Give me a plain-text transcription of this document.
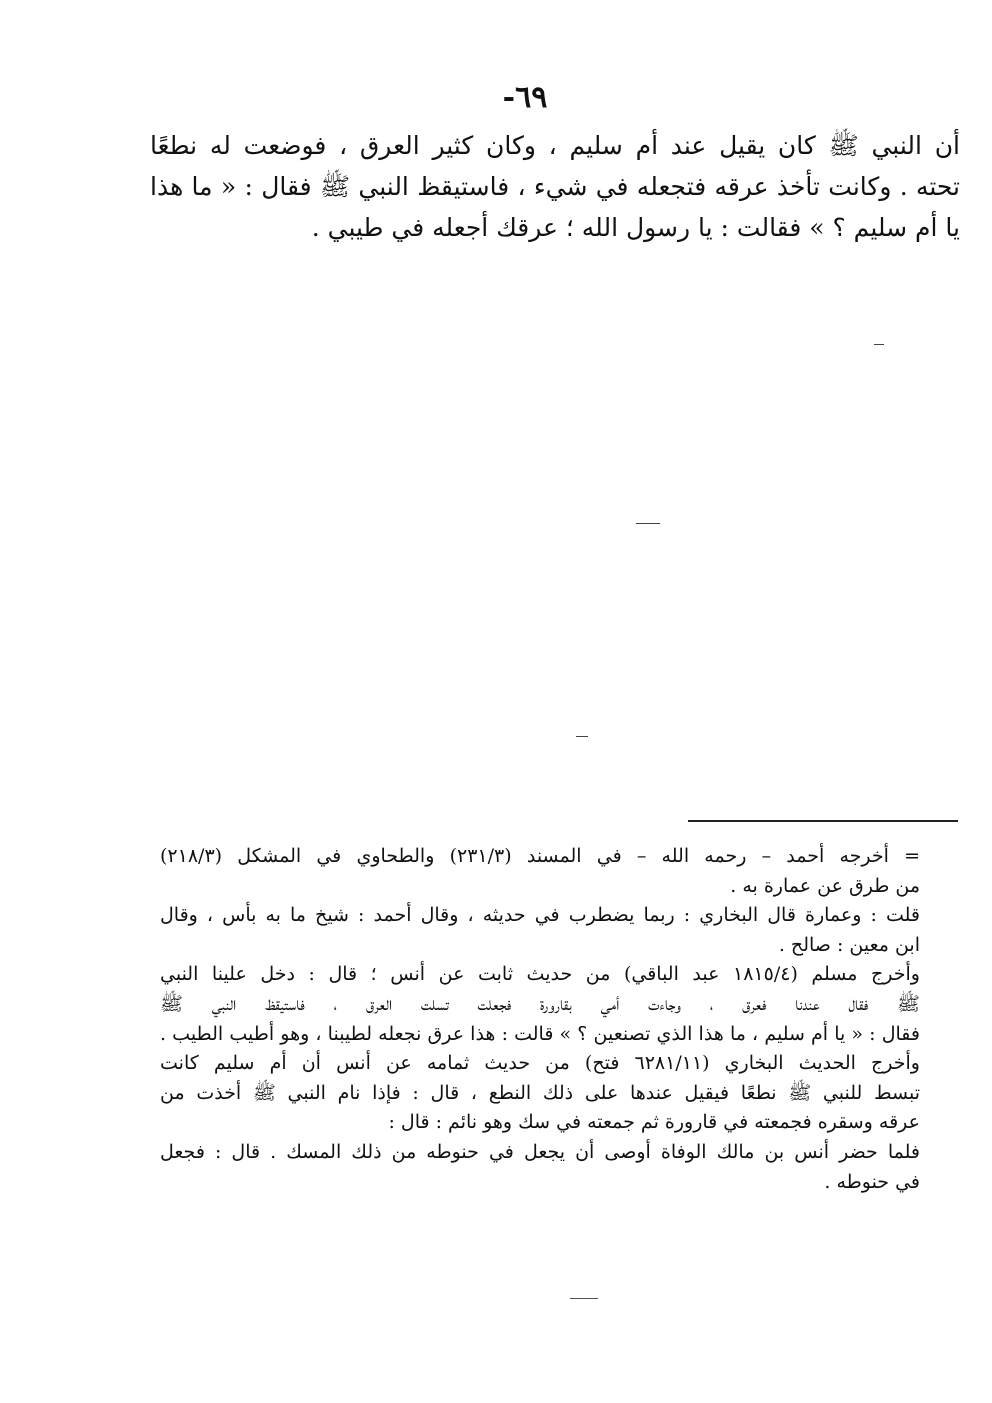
-٦٩
أن النبي ﷺ كان يقيل عند أم سليم ، وكان كثير العرق ، فوضعت له نطعًا
تحته . وكانت تأخذ عرقه فتجعله في شيء ، فاستيقظ النبي ﷺ فقال : « ما هذا
يا أم سليم ؟ » فقالت : يا رسول الله ؛ عرقك أجعله في طيبي .
= أخرجه أحمد – رحمه الله – في المسند (٢٣١/٣) والطحاوي في المشكل (٢١٨/٣)
من طرق عن عمارة به .
قلت : وعمارة قال البخاري : ربما يضطرب في حديثه ، وقال أحمد : شيخ ما به بأس ، وقال
ابن معين : صالح .
وأخرج مسلم (١٨١٥/٤ عبد الباقي) من حديث ثابت عن أنس ؛ قال : دخل علينا النبي
ﷺ فقال عندنا فعرق ، وجاءت أمي بقارورة فجعلت تسلت العرق ، فاستيقظ النبي ﷺ
فقال : « يا أم سليم ، ما هذا الذي تصنعين ؟ » قالت : هذا عرق نجعله لطيبنا ، وهو أطيب الطيب .
وأخرج الحديث البخاري (٦٢٨١/١١ فتح) من حديث ثمامه عن أنس أن أم سليم كانت
تبسط للنبي ﷺ نطعًا فيقيل عندها على ذلك النطع ، قال : فإذا نام النبي ﷺ أخذت من
عرقه وسقره فجمعته في قارورة ثم جمعته في سك وهو نائم : قال :
فلما حضر أنس بن مالك الوفاة أوصى أن يجعل في حنوطه من ذلك المسك . قال : فجعل
في حنوطه .
